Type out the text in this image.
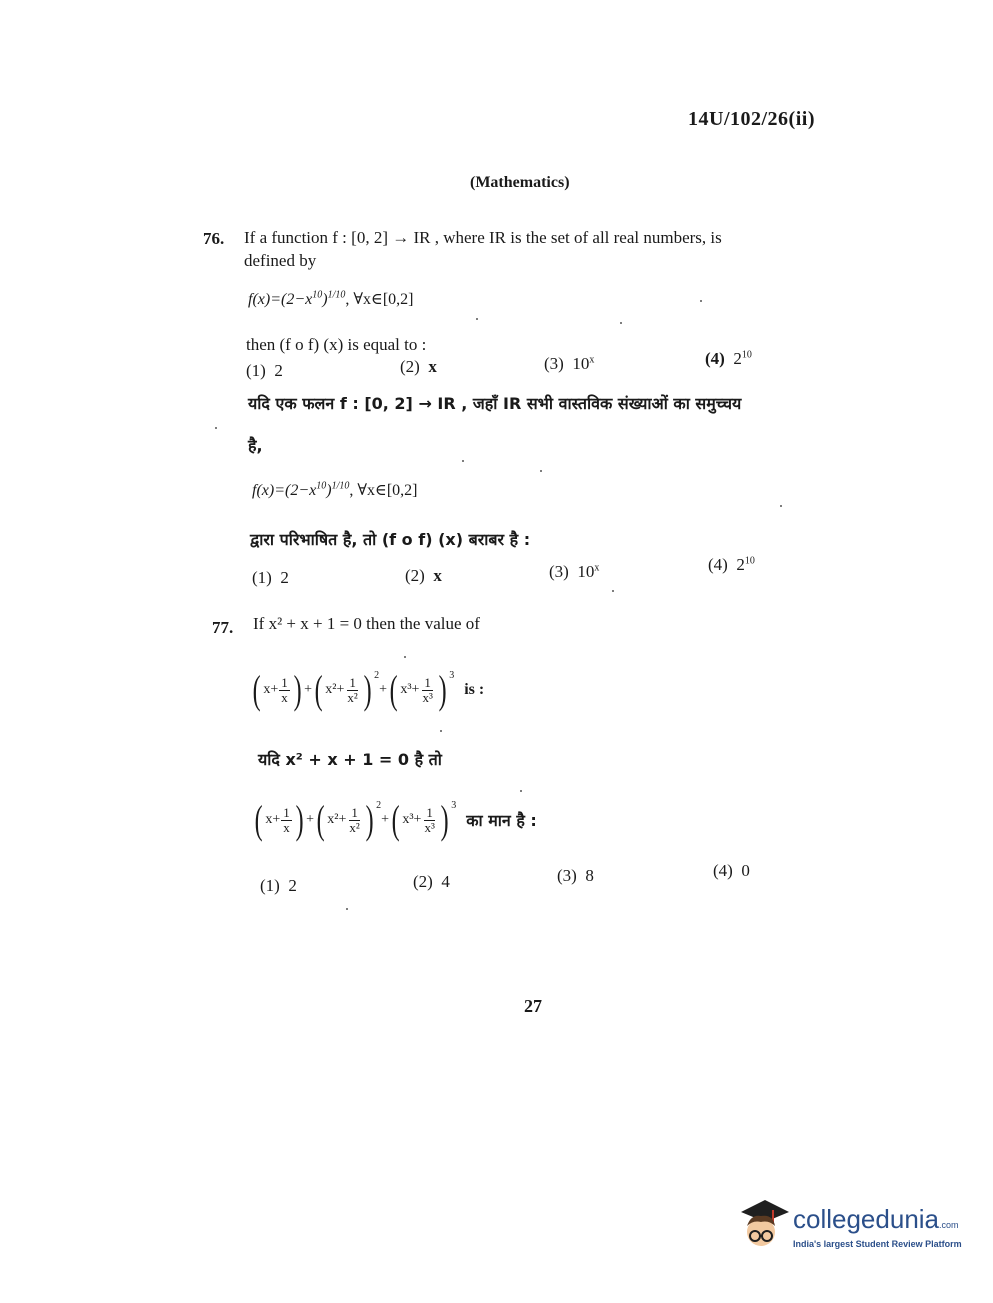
14U/102/26(ii)
(Mathematics)
76. If a function f : [0, 2] → IR , where IR is the set of all real numbers, is
defined by
$f(x)=(2-x^{10})^{1/10}$, ∀x∈[0,2]
then (f o f) (x) is equal to :
(1) 2	(2) x	(3) 10$^x$	(4) $2^{10}$
यदि एक फलन f : [0, 2] → IR , जहाँ IR सभी वास्तविक संख्याओं का समुच्चय
है,
$f(x)=(2-x^{10})^{1/10}$, ∀x∈[0,2]
द्वारा परिभाषित है, तो (f o f) (x) बराबर है :
(1) 2	(2) x	(3) 10$^x$	(4) $2^{10}$
77. If x² + x + 1 = 0 then the value of
( $x+ \frac{1}{x}$ ) + ( $x^2+ \frac{1}{\text{x²}}$ ) $^2$
+ ( $x^3+ \frac{1}{\text{x³}}$ ) $^3$
is :
यदि x² + x + 1 = 0 है तो
( $x+ \frac{1}{x}$ ) + ( $x^2+ \frac{1}{\text{x²}}$ ) $^2$
+ ( $x^3+ \frac{1}{\text{x³}}$ ) $^3$
का मान है :
(1) 2	(2) 4	(3) 8	(4) 0
27
collegedunia.com
India's largest Student Review Platform
